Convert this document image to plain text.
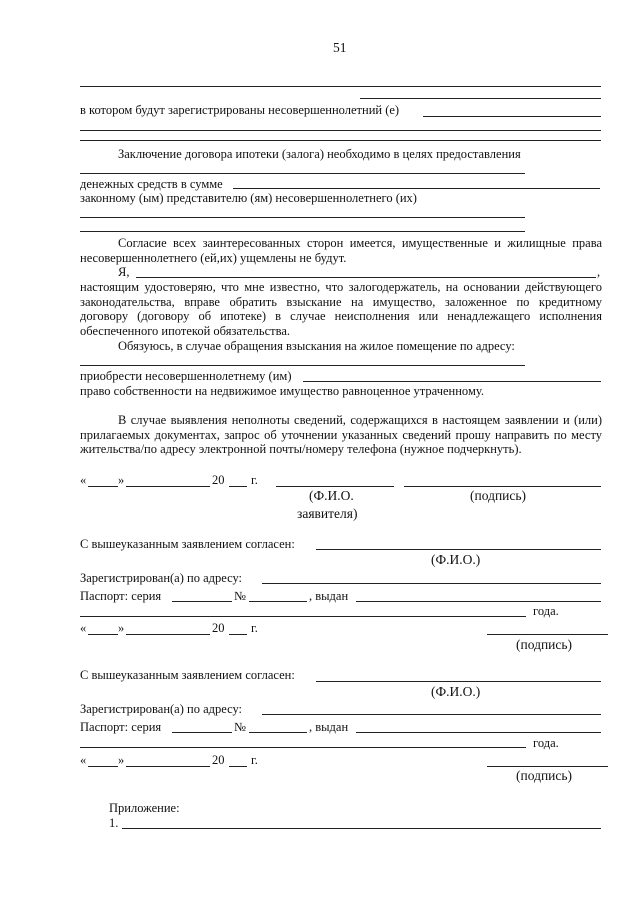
51
в котором будут зарегистрированы несовершеннолетний (е)
Заключение договора ипотеки (залога) необходимо в целях предоставления
денежных средств в сумме
законному (ым) представителю (ям) несовершеннолетнего (их)
Согласие всех заинтересованных сторон имеется, имущественные и жилищные права несовершеннолетнего (ей,их) ущемлены не будут.
Я,	,
настоящим удостоверяю, что мне известно, что залогодержатель, на основании действующего законодательства, вправе обратить взыскание на имущество, заложенное по кредитному договору (договору об ипотеке) в случае неисполнения или ненадлежащего исполнения обеспеченного ипотекой обязательства.
Обязуюсь, в случае обращения взыскания на жилое помещение по адресу:
приобрести несовершеннолетнему (им)
право собственности на недвижимое имущество равноценное утраченному.
В случае выявления неполноты сведений, содержащихся в настоящем заявлении и (или) прилагаемых документах, запрос об уточнении указанных сведений прошу направить по месту жительства/по адресу электронной почты/номеру телефона (нужное подчеркнуть).
«	»	20 г.
(Ф.И.О.
заявителя)
(подпись)
С вышеуказанным заявлением согласен:
(Ф.И.О.)
Зарегистрирован(а) по адресу:
Паспорт: серия	№	, выдан
года.
«	»	20 г.
(подпись)
С вышеуказанным заявлением согласен:
(Ф.И.О.)
Зарегистрирован(а) по адресу:
Паспорт: серия	№	, выдан
года.
«	»	20 г.
(подпись)
Приложение:
1.
